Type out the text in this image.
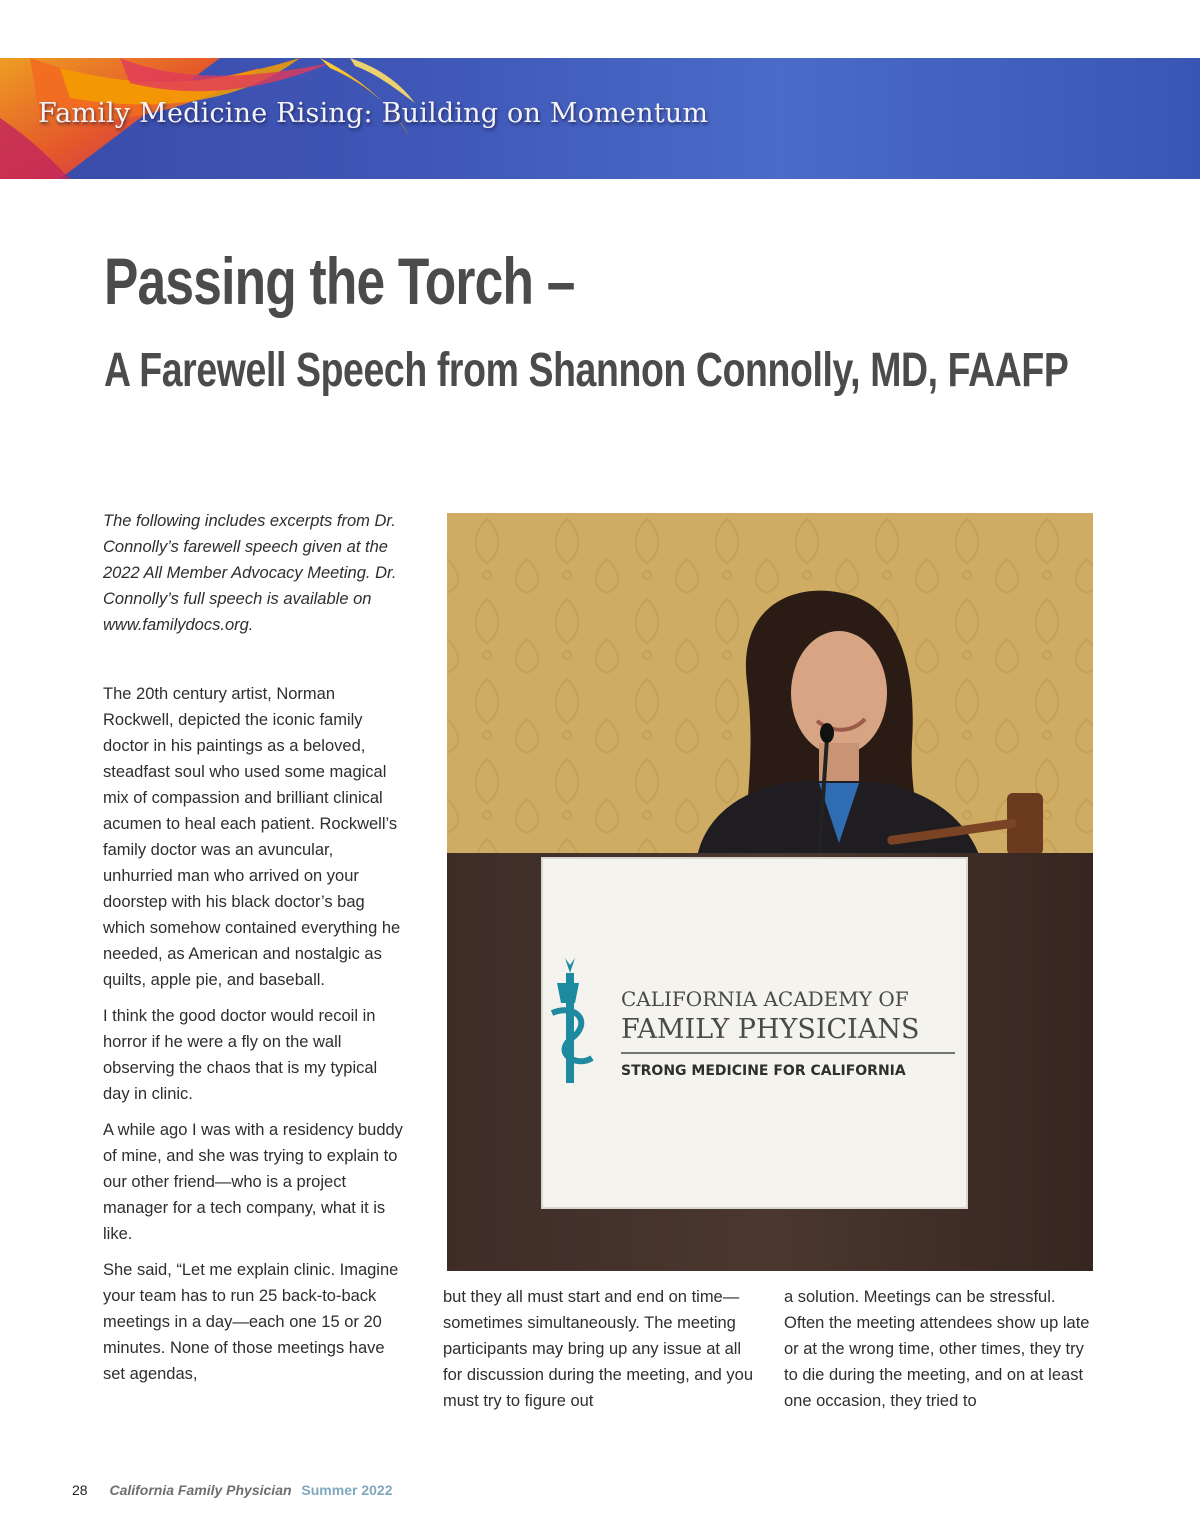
Family Medicine Rising: Building on Momentum
Passing the Torch –
A Farewell Speech from Shannon Connolly, MD, FAAFP

The following includes excerpts from Dr. Connolly’s farewell speech given at the 2022 All Member Advocacy Meeting. Dr. Connolly’s full speech is available on www.familydocs.org.

The 20th century artist, Norman Rockwell, depicted the iconic family doctor in his paintings as a beloved, steadfast soul who used some magical mix of compassion and brilliant clinical acumen to heal each patient. Rockwell’s family doctor was an avuncular, unhurried man who arrived on your doorstep with his black doctor’s bag which somehow contained everything he needed, as American and nostalgic as quilts, apple pie, and baseball.

I think the good doctor would recoil in horror if he were a fly on the wall observing the chaos that is my typical day in clinic.

A while ago I was with a residency buddy of mine, and she was trying to explain to our other friend—who is a project manager for a tech company, what it is like.

She said, “Let me explain clinic. Imagine your team has to run 25 back-to-back meetings in a day—each one 15 or 20 minutes. None of those meetings have set agendas,

CALIFORNIA ACADEMY OF
FAMILY PHYSICIANS
STRONG MEDICINE FOR CALIFORNIA

but they all must start and end on time—sometimes simultaneously. The meeting participants may bring up any issue at all for discussion during the meeting, and you must try to figure out

a solution. Meetings can be stressful. Often the meeting attendees show up late or at the wrong time, other times, they try to die during the meeting, and on at least one occasion, they tried to

28 California Family Physician Summer 2022
